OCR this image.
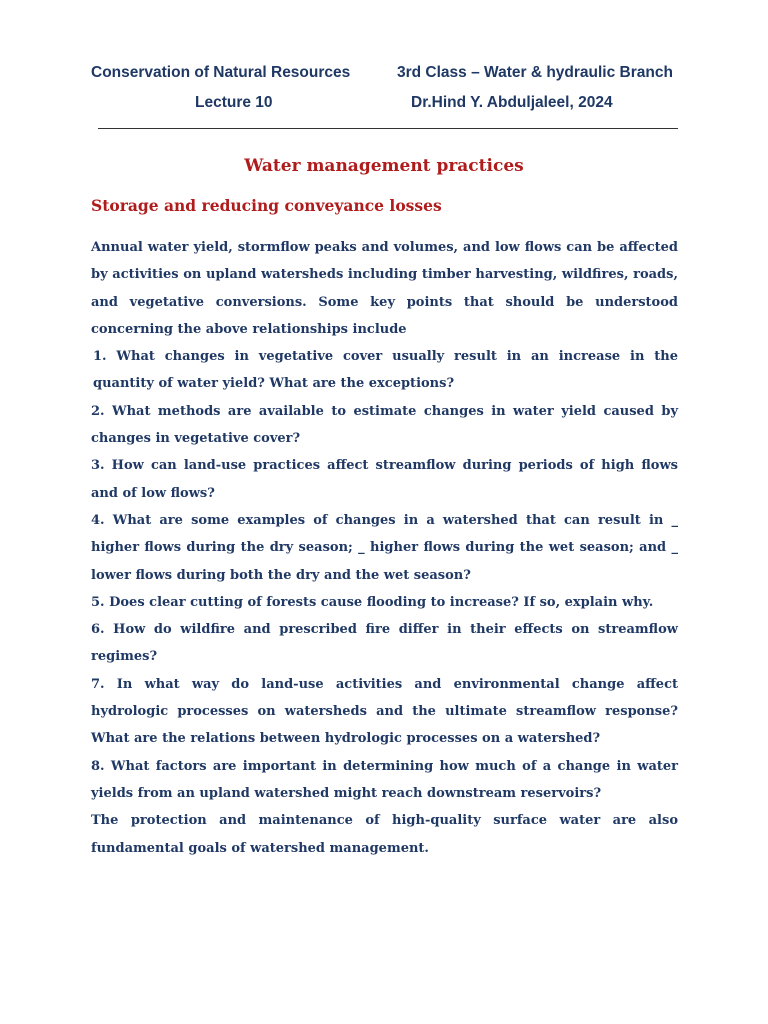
Conservation of Natural Resources	3rd Class – Water & hydraulic Branch
Lecture 10	Dr.Hind Y. Abduljaleel, 2024
Water management practices
Storage and reducing conveyance losses

Annual water yield, stormflow peaks and volumes, and low flows can be affected by activities on upland watersheds including timber harvesting, wildfires, roads, and vegetative conversions. Some key points that should be understood concerning the above relationships include

1. What changes in vegetative cover usually result in an increase in the quantity of water yield? What are the exceptions?

2. What methods are available to estimate changes in water yield caused by changes in vegetative cover?

3. How can land-use practices affect streamflow during periods of high flows and of low flows?

4. What are some examples of changes in a watershed that can result in _ higher flows during the dry season; _ higher flows during the wet season; and _ lower flows during both the dry and the wet season?

5. Does clear cutting of forests cause flooding to increase? If so, explain why.

6. How do wildfire and prescribed fire differ in their effects on streamflow regimes?

7. In what way do land-use activities and environmental change affect hydrologic processes on watersheds and the ultimate streamflow response? What are the relations between hydrologic processes on a watershed?

8. What factors are important in determining how much of a change in water yields from an upland watershed might reach downstream reservoirs?

The protection and maintenance of high-quality surface water are also fundamental goals of watershed management.
